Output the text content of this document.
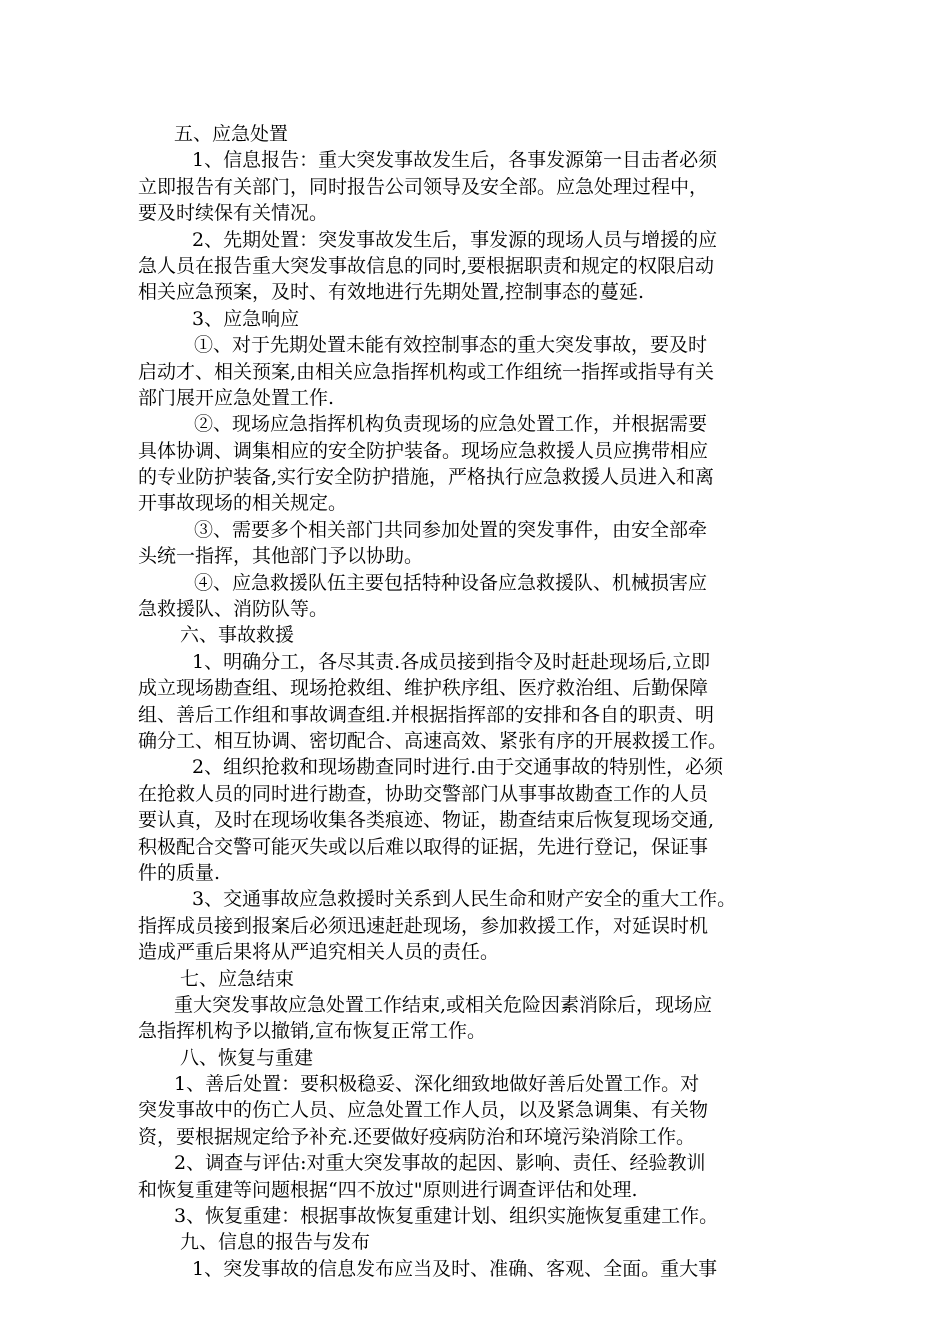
五、应急处置
1、信息报告：重大突发事故发生后，各事发源第一目击者必须
立即报告有关部门，同时报告公司领导及安全部。应急处理过程中，
要及时续保有关情况。
2、先期处置：突发事故发生后，事发源的现场人员与增援的应
急人员在报告重大突发事故信息的同时,要根据职责和规定的权限启动
相关应急预案，及时、有效地进行先期处置,控制事态的蔓延.
3、应急响应
①、对于先期处置未能有效控制事态的重大突发事故，要及时
启动才、相关预案,由相关应急指挥机构或工作组统一指挥或指导有关
部门展开应急处置工作.
②、现场应急指挥机构负责现场的应急处置工作，并根据需要
具体协调、调集相应的安全防护装备。现场应急救援人员应携带相应
的专业防护装备,实行安全防护措施，严格执行应急救援人员进入和离
开事故现场的相关规定。
③、需要多个相关部门共同参加处置的突发事件，由安全部牵
头统一指挥，其他部门予以协助。
④、应急救援队伍主要包括特种设备应急救援队、机械损害应
急救援队、消防队等。
六、事故救援
1、明确分工，各尽其责.各成员接到指令及时赶赴现场后,立即
成立现场勘查组、现场抢救组、维护秩序组、医疗救治组、后勤保障
组、善后工作组和事故调查组.并根据指挥部的安排和各自的职责、明
确分工、相互协调、密切配合、高速高效、紧张有序的开展救援工作。
2、组织抢救和现场勘查同时进行.由于交通事故的特别性，必须
在抢救人员的同时进行勘查，协助交警部门从事事故勘查工作的人员
要认真，及时在现场收集各类痕迹、物证，勘查结束后恢复现场交通,
积极配合交警可能灭失或以后难以取得的证据，先进行登记，保证事
件的质量.
3、交通事故应急救援时关系到人民生命和财产安全的重大工作。
指挥成员接到报案后必须迅速赶赴现场，参加救援工作，对延误时机
造成严重后果将从严追究相关人员的责任。
七、应急结束
重大突发事故应急处置工作结束,或相关危险因素消除后，现场应
急指挥机构予以撤销,宣布恢复正常工作。
八、恢复与重建
1、善后处置：要积极稳妥、深化细致地做好善后处置工作。对
突发事故中的伤亡人员、应急处置工作人员，以及紧急调集、有关物
资，要根据规定给予补充.还要做好疫病防治和环境污染消除工作。
2、调查与评估:对重大突发事故的起因、影响、责任、经验教训
和恢复重建等问题根据“四不放过"原则进行调查评估和处理.
3、恢复重建：根据事故恢复重建计划、组织实施恢复重建工作。
九、信息的报告与发布
1、突发事故的信息发布应当及时、准确、客观、全面。重大事
